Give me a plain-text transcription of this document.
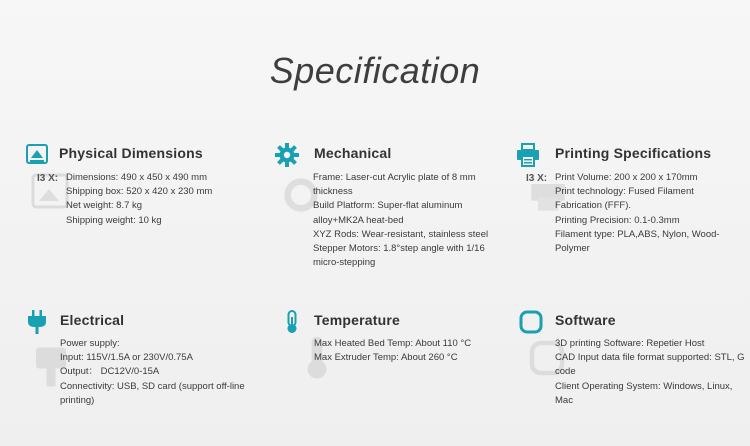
Specification
Physical Dimensions
I3 X: Dimensions: 490 x 450 x 490 mm
Shipping box: 520 x 420 x 230 mm
Net weight: 8.7 kg
Shipping weight: 10 kg
Mechanical
Frame: Laser-cut Acrylic plate of 8 mm thickness
Build Platform: Super-flat aluminum alloy+MK2A heat-bed
XYZ Rods: Wear-resistant, stainless steel
Stepper Motors: 1.8°step angle with 1/16 micro-stepping
Printing Specifications
I3 X: Print Volume: 200 x 200 x 170mm
Print technology: Fused Filament Fabrication (FFF).
Printing Precision: 0.1-0.3mm
Filament type: PLA,ABS, Nylon, Wood-Polymer
Electrical
Power supply:
Input: 115V/1.5A or 230V/0.75A
Output： DC12V/0-15A
Connectivity: USB, SD card (support off-line printing)
Temperature
Max Heated Bed Temp: About 110 °C
Max Extruder Temp: About 260 °C
Software
3D printing Software: Repetier Host
CAD Input data file format supported: STL, G code
Client Operating System: Windows, Linux, Mac
